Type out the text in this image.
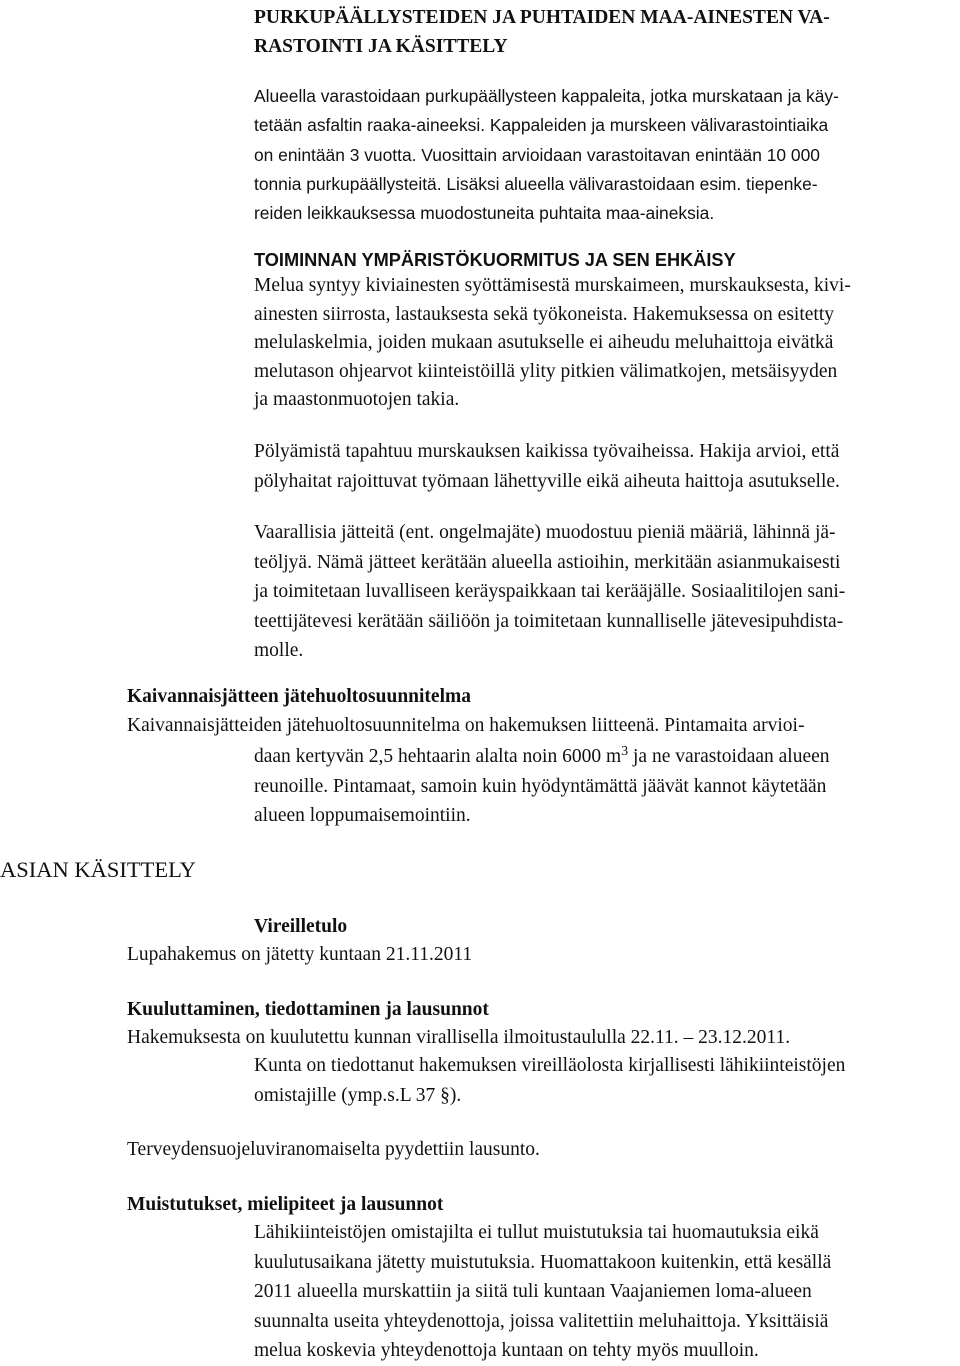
PURKUPÄÄLLYSTEIDEN JA PUHTAIDEN MAA-AINESTEN VA-
RASTOINTI JA KÄSITTELY

Alueella varastoidaan purkupäällysteen kappaleita, jotka murskataan ja käy-
tetään asfaltin raaka-aineeksi. Kappaleiden ja murskeen välivarastointiaika
on enintään 3 vuotta. Vuosittain arvioidaan varastoitavan enintään 10 000
tonnia purkupäällysteitä. Lisäksi alueella välivarastoidaan esim. tiepenke-
reiden leikkauksessa muodostuneita puhtaita maa-aineksia.

TOIMINNAN YMPÄRISTÖKUORMITUS JA SEN EHKÄISY

Melua syntyy kiviainesten syöttämisestä murskaimeen, murskauksesta, kivi-
ainesten siirrosta, lastauksesta sekä työkoneista. Hakemuksessa on esitetty
melulaskelmia, joiden mukaan asutukselle ei aiheudu meluhaittoja eivätkä
melutason ohjearvot kiinteistöillä ylity pitkien välimatkojen, metsäisyyden
ja maastonmuotojen takia.

Pölyämistä tapahtuu murskauksen kaikissa työvaiheissa. Hakija arvioi, että
pölyhaitat rajoittuvat työmaan lähettyville eikä aiheuta haittoja asutukselle.

Vaarallisia jätteitä (ent. ongelmajäte) muodostuu pieniä määriä, lähinnä jä-
teöljyä. Nämä jätteet kerätään alueella astioihin, merkitään asianmukaisesti
ja toimitetaan luvalliseen keräyspaikkaan tai kerääjälle. Sosiaalitilojen sani-
teettijätevesi kerätään säiliöön ja toimitetaan kunnalliselle jätevesipuhdista-
molle.

Kaivannaisjätteen jätehuoltosuunnitelma

Kaivannaisjätteiden jätehuoltosuunnitelma on hakemuksen liitteenä. Pintamaita arvioi-

daan kertyvän 2,5 hehtaarin alalta noin 6000 $m^3$ ja ne varastoidaan alueen
reunoille. Pintamaat, samoin kuin hyödyntämättä jäävät kannot käytetään
alueen loppumaisemointiin.

ASIAN KÄSITTELY
Vireilletulo

Lupahakemus on jätetty kuntaan 21.11.2011

Kuuluttaminen, tiedottaminen ja lausunnot

Hakemuksesta on kuulutettu kunnan virallisella ilmoitustaululla 22.11. – 23.12.2011.

Kunta on tiedottanut hakemuksen vireilläolosta kirjallisesti lähikiinteistöjen
omistajille (ymp.s.L 37 §).

Terveydensuojeluviranomaiselta pyydettiin lausunto.

Muistutukset, mielipiteet ja lausunnot

Lähikiinteistöjen omistajilta ei tullut muistutuksia tai huomautuksia eikä
kuulutusaikana jätetty muistutuksia. Huomattakoon kuitenkin, että kesällä
2011 alueella murskattiin ja siitä tuli kuntaan Vaajaniemen loma-alueen
suunnalta useita yhteydenottoja, joissa valitettiin meluhaittoja. Yksittäisiä
melua koskevia yhteydenottoja kuntaan on tehty myös muulloin.
